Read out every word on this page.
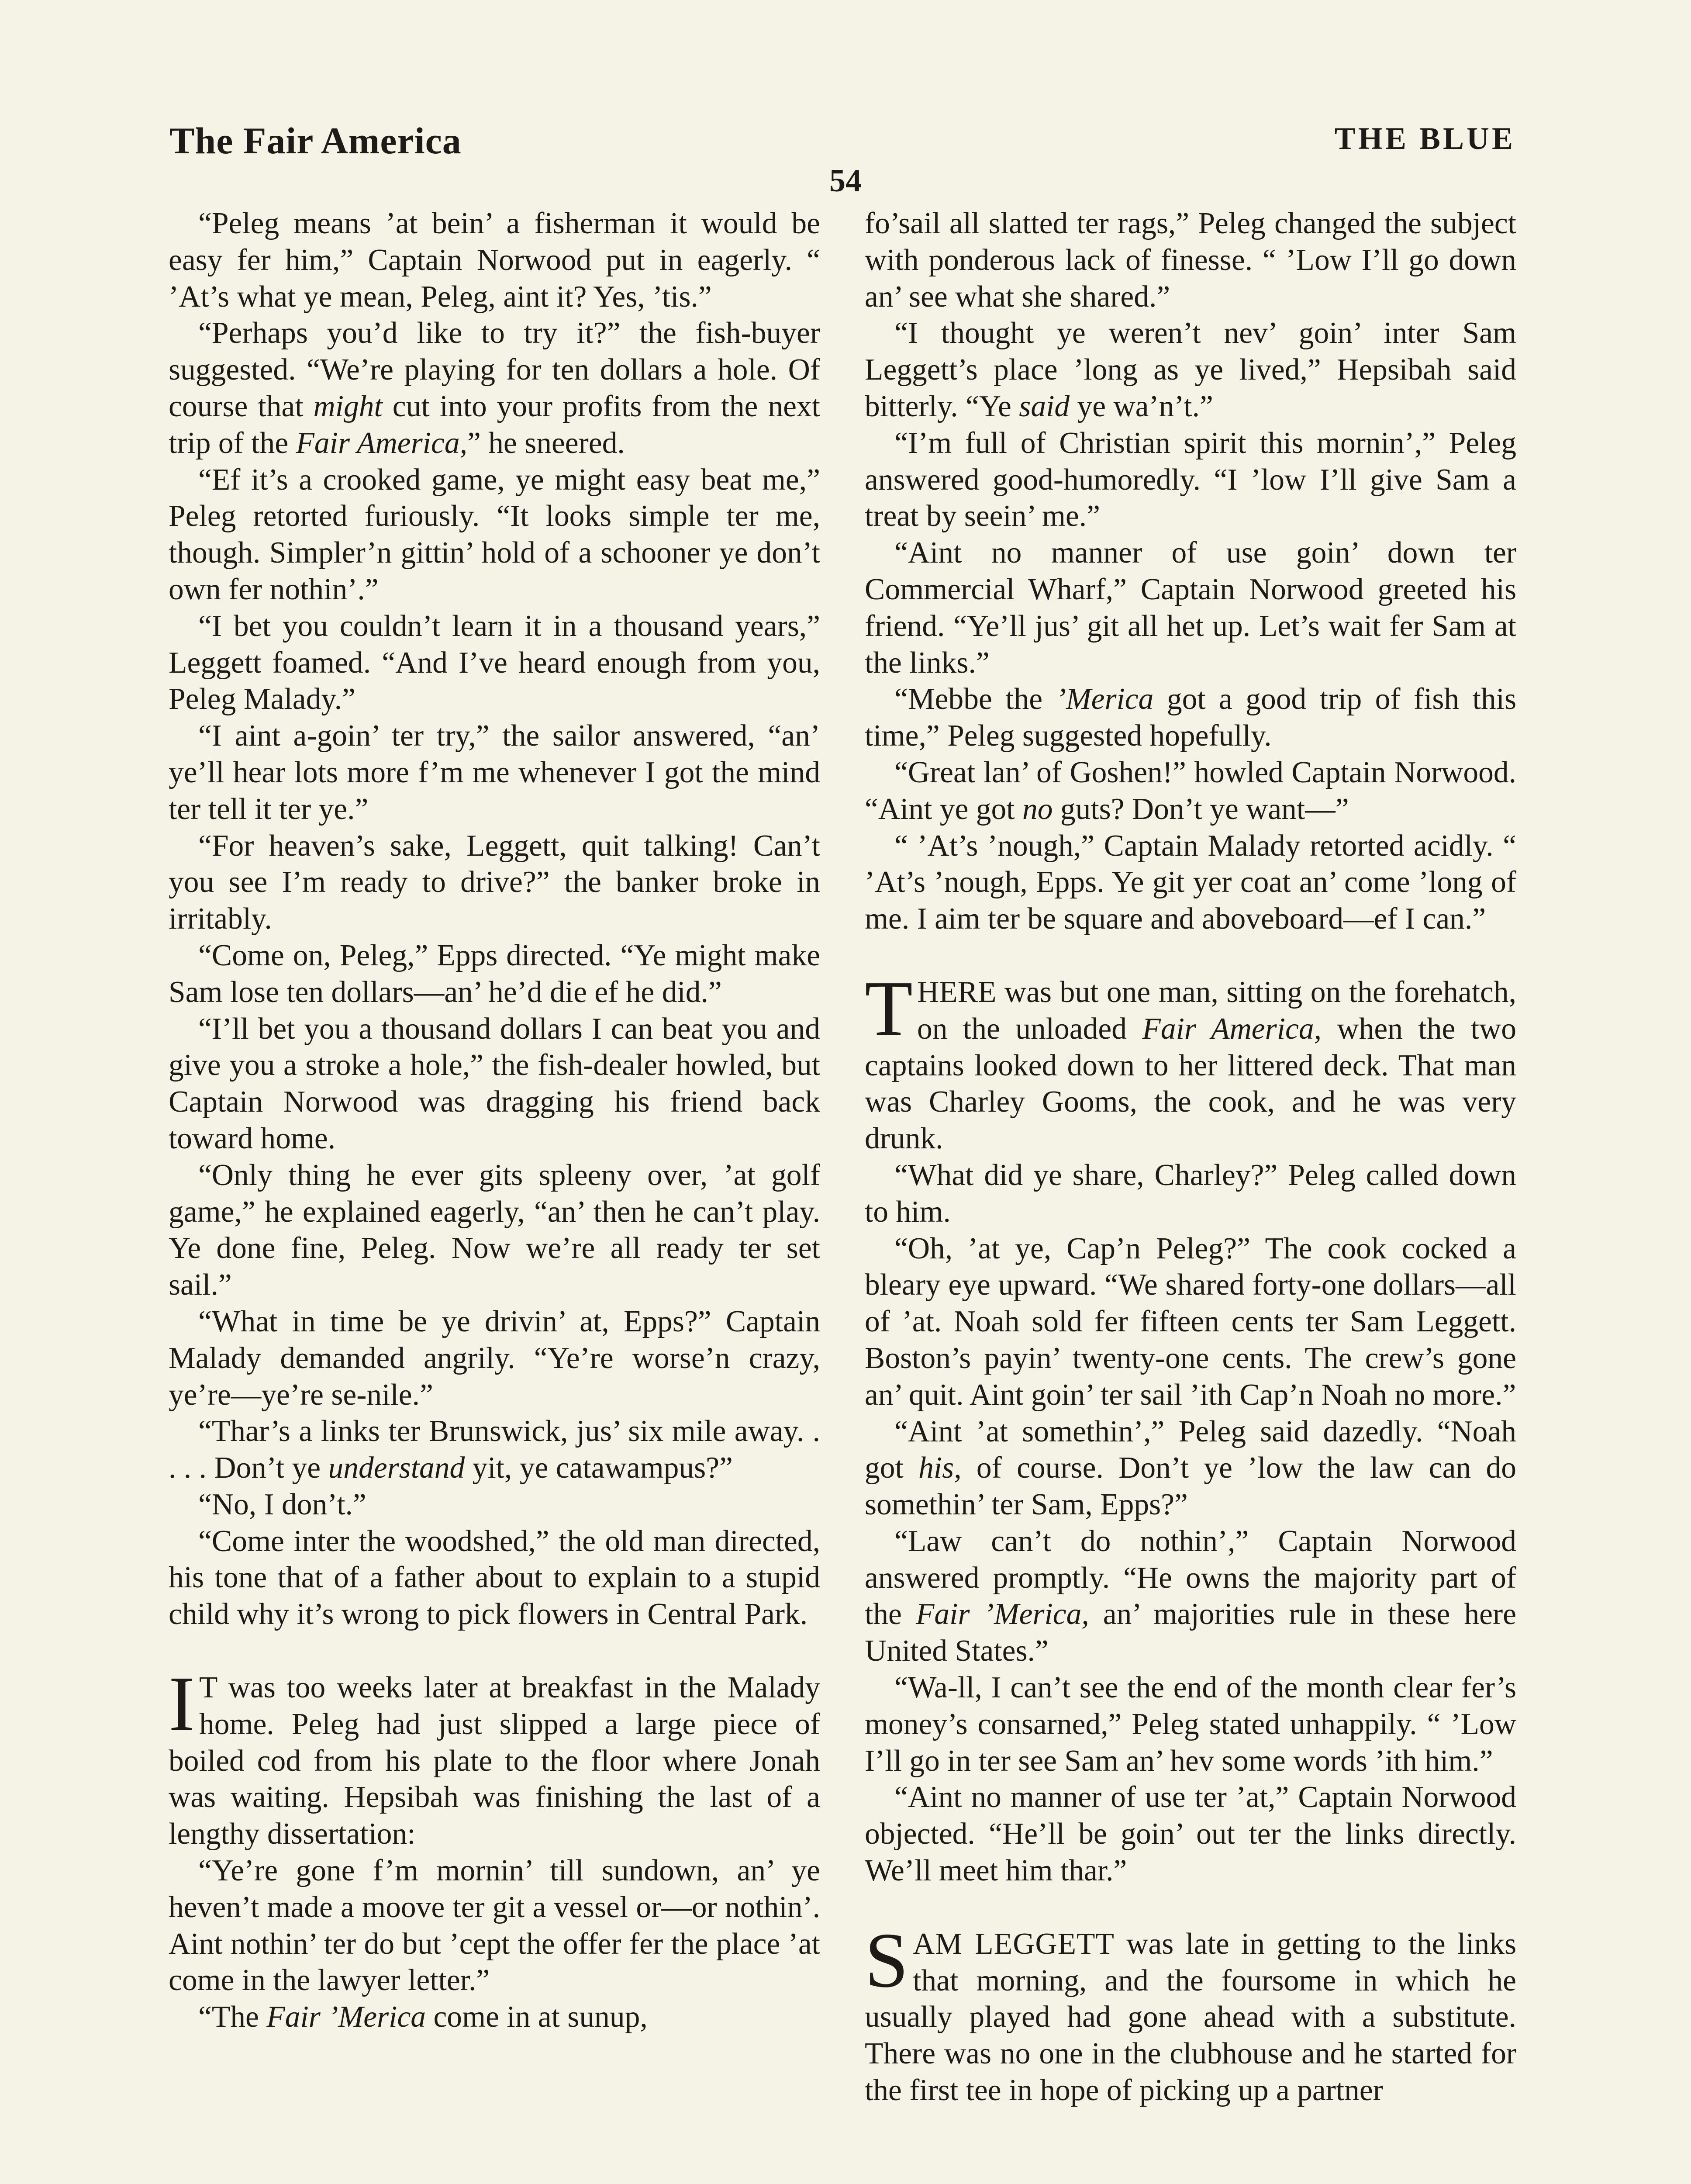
The Fair America	THE BLUE
54

“Peleg means ’at bein’ a fisherman it would be easy fer him,” Captain Norwood put in eagerly. “ ’At’s what ye mean, Peleg, aint it? Yes, ’tis.”

“Perhaps you’d like to try it?” the fish-buyer suggested. “We’re playing for ten dollars a hole. Of course that might cut into your profits from the next trip of the Fair America,” he sneered.

“Ef it’s a crooked game, ye might easy beat me,” Peleg retorted furiously. “It looks simple ter me, though. Simpler’n gittin’ hold of a schooner ye don’t own fer nothin’.”

“I bet you couldn’t learn it in a thousand years,” Leggett foamed. “And I’ve heard enough from you, Peleg Malady.”

“I aint a-goin’ ter try,” the sailor answered, “an’ ye’ll hear lots more f’m me whenever I got the mind ter tell it ter ye.”

“For heaven’s sake, Leggett, quit talking! Can’t you see I’m ready to drive?” the banker broke in irritably.

“Come on, Peleg,” Epps directed. “Ye might make Sam lose ten dollars—an’ he’d die ef he did.”

“I’ll bet you a thousand dollars I can beat you and give you a stroke a hole,” the fish-dealer howled, but Captain Norwood was dragging his friend back toward home.

“Only thing he ever gits spleeny over, ’at golf game,” he explained eagerly, “an’ then he can’t play. Ye done fine, Peleg. Now we’re all ready ter set sail.”

“What in time be ye drivin’ at, Epps?” Captain Malady demanded angrily. “Ye’re worse’n crazy, ye’re—ye’re se-nile.”

“Thar’s a links ter Brunswick, jus’ six mile away. . . . . Don’t ye understand yit, ye catawampus?”

“No, I don’t.”

“Come inter the woodshed,” the old man directed, his tone that of a father about to explain to a stupid child why it’s wrong to pick flowers in Central Park.

I T was too weeks later at breakfast in the Malady home. Peleg had just slipped a large piece of boiled cod from his plate to the floor where Jonah was waiting. Hepsibah was finishing the last of a lengthy dissertation:

“Ye’re gone f’m mornin’ till sundown, an’ ye heven’t made a moove ter git a vessel or—or nothin’. Aint nothin’ ter do but ’cept the offer fer the place ’at come in the lawyer letter.”

“The Fair ’Merica come in at sunup,

fo’sail all slatted ter rags,” Peleg changed the subject with ponderous lack of finesse. “ ’Low I’ll go down an’ see what she shared.”

“I thought ye weren’t nev’ goin’ inter Sam Leggett’s place ’long as ye lived,” Hepsibah said bitterly. “Ye said ye wa’n’t.”

“I’m full of Christian spirit this mornin’,” Peleg answered good-humoredly. “I ’low I’ll give Sam a treat by seein’ me.”

“Aint no manner of use goin’ down ter Commercial Wharf,” Captain Norwood greeted his friend. “Ye’ll jus’ git all het up. Let’s wait fer Sam at the links.”

“Mebbe the ’Merica got a good trip of fish this time,” Peleg suggested hopefully.

“Great lan’ of Goshen!” howled Captain Norwood. “Aint ye got no guts? Don’t ye want—”

“ ’At’s ’nough,” Captain Malady retorted acidly. “ ’At’s ’nough, Epps. Ye git yer coat an’ come ’long of me. I aim ter be square and aboveboard—ef I can.”

THERE was but one man, sitting on the forehatch, on the unloaded Fair America, when the two captains looked down to her littered deck. That man was Charley Gooms, the cook, and he was very drunk.

“What did ye share, Charley?” Peleg called down to him.

“Oh, ’at ye, Cap’n Peleg?” The cook cocked a bleary eye upward. “We shared forty-one dollars—all of ’at. Noah sold fer fifteen cents ter Sam Leggett. Boston’s payin’ twenty-one cents. The crew’s gone an’ quit. Aint goin’ ter sail ’ith Cap’n Noah no more.”

“Aint ’at somethin’,” Peleg said dazedly. “Noah got his, of course. Don’t ye ’low the law can do somethin’ ter Sam, Epps?”

“Law can’t do nothin’,” Captain Norwood answered promptly. “He owns the majority part of the Fair ’Merica, an’ majorities rule in these here United States.”

“Wa-ll, I can’t see the end of the month clear fer’s money’s consarned,” Peleg stated unhappily. “ ’Low I’ll go in ter see Sam an’ hev some words ’ith him.”

“Aint no manner of use ter ’at,” Captain Norwood objected. “He’ll be goin’ out ter the links directly. We’ll meet him thar.”

SAM LEGGETT was late in getting to the links that morning, and the foursome in which he usually played had gone ahead with a substitute. There was no one in the clubhouse and he started for the first tee in hope of picking up a partner
